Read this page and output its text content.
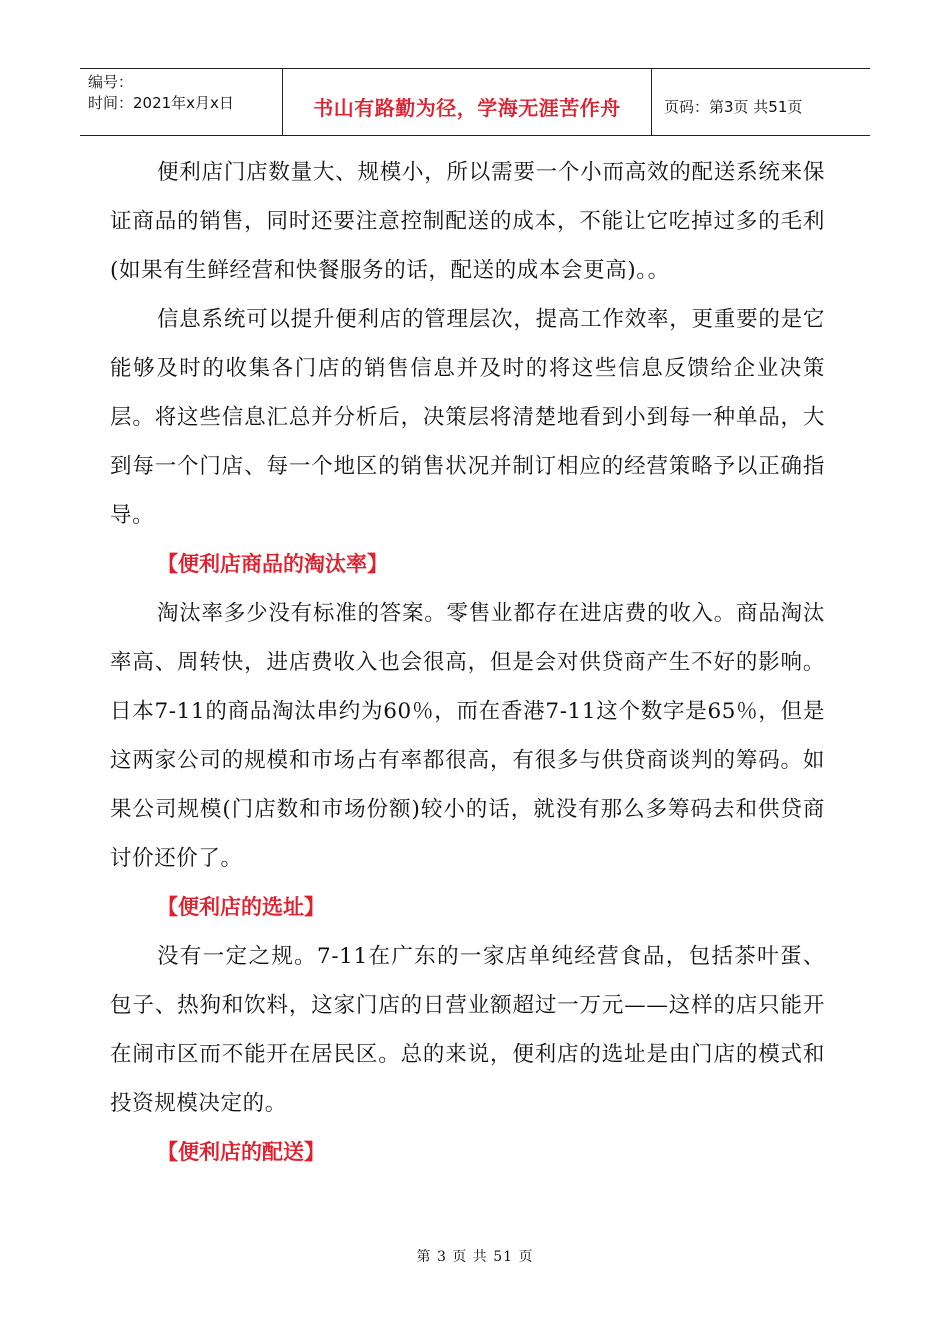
编号：
时间：2021年x月x日	书山有路勤为径，学海无涯苦作舟	页码：第3页 共51页

便利店门店数量大、规模小，所以需要一个小而高效的配送系统来保证商品的销售，同时还要注意控制配送的成本，不能让它吃掉过多的毛利(如果有生鲜经营和快餐服务的话，配送的成本会更高)。。

信息系统可以提升便利店的管理层次，提高工作效率，更重要的是它能够及时的收集各门店的销售信息并及时的将这些信息反馈给企业决策层。将这些信息汇总并分析后，决策层将清楚地看到小到每一种单品，大到每一个门店、每一个地区的销售状况并制订相应的经营策略予以正确指导。

【便利店商品的淘汰率】

淘汰率多少没有标准的答案。零售业都存在进店费的收入。商品淘汰率高、周转快，进店费收入也会很高，但是会对供贷商产生不好的影响。日本7-11的商品淘汰串约为60％，而在香港7-11这个数字是65％，但是这两家公司的规模和市场占有率都很高，有很多与供贷商谈判的筹码。如果公司规模(门店数和市场份额)较小的话，就没有那么多筹码去和供贷商讨价还价了。

【便利店的选址】

没有一定之规。7-11在广东的一家店单纯经营食品，包括茶叶蛋、包子、热狗和饮料，这家门店的日营业额超过一万元——这样的店只能开在闹市区而不能开在居民区。总的来说，便利店的选址是由门店的模式和投资规模决定的。

【便利店的配送】

第 3 页 共 51 页
